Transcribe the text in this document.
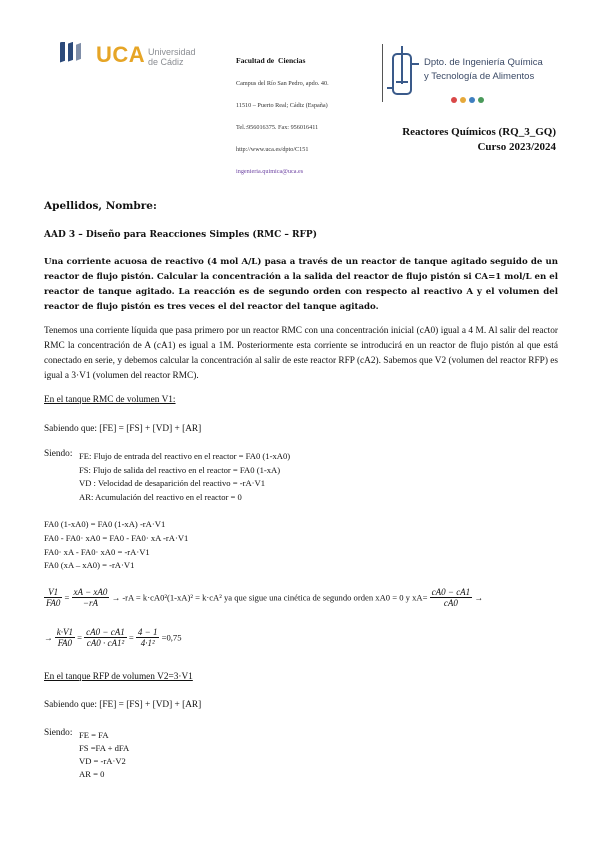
UCA Universidad
de Cádiz

	Facultad de  Ciencias

Campus del Río San Pedro, apdo. 40.

11510 – Puerto Real; Cádiz (España)

Tel.:956016375. Fax: 956016411

http://www.uca.es/dpto/C151

ingenieria.quimica@uca.es

Dpto. de Ingeniería Química
y Tecnología de Alimentos
Reactores Químicos (RQ_3_GQ)
Curso 2023/2024
Apellidos, Nombre:
AAD 3 – Diseño para Reacciones Simples (RMC – RFP)
Una corriente acuosa de reactivo (4 mol A/L) pasa a través de un reactor de tanque agitado seguido de un reactor de flujo pistón. Calcular la concentración a la salida del reactor de flujo pistón si CA=1 mol/L en el reactor de tanque agitado. La reacción es de segundo orden con respecto al reactivo A y el volumen del reactor de flujo pistón es tres veces el del reactor del tanque agitado.
Tenemos una corriente líquida que pasa primero por un reactor RMC con una concentración inicial (cA0) igual a 4 M. Al salir del reactor RMC la concentración de A (cA1) es igual a 1M. Posteriormente esta corriente se introducirá en un reactor de flujo pistón al que está conectado en serie, y debemos calcular la concentración al salir de este reactor RFP (cA2). Sabemos que V2 (volumen del reactor RFP) es igual a 3·V1 (volumen del reactor RMC).
En el tanque RMC de volumen V1:
Sabiendo que: [FE] = [FS] + [VD] + [AR]
Siendo: FE: Flujo de entrada del reactivo en el reactor = FA0 (1-xA0)
FS: Flujo de salida del reactivo en el reactor = FA0 (1-xA)
VD : Velocidad de desaparición del reactivo = -rA·V1
AR: Acumulación del reactivo en el reactor = 0
FA0 (1-xA0) = FA0 (1-xA) -rA·V1
FA0 - FA0· xA0 = FA0 - FA0· xA -rA·V1
FA0· xA - FA0· xA0 = -rA·V1
FA0 (xA – xA0) = -rA·V1
$\frac{V1}{FA0} = \frac{xA - xA0}{-rA} \to -rA = k\cdot cA0^2(1-xA)^2 = k\cdot cA^2$ ya que sigue una cinética de segundo orden xA0 = 0 y $xA= \frac{cA0 - cA1}{cA0}$ →
→ $\frac{k\cdot V1}{FA0} = \frac{cA0 - cA1}{\text{cA0 · cA1²}} = \frac{4 - 1}{\text{4·1²}} =0,75$
En el tanque RFP de volumen V2=3·V1
Sabiendo que: [FE] = [FS] + [VD] + [AR]
Siendo: FE = FA
FS =FA + dFA
VD = -rA·V2
AR = 0
